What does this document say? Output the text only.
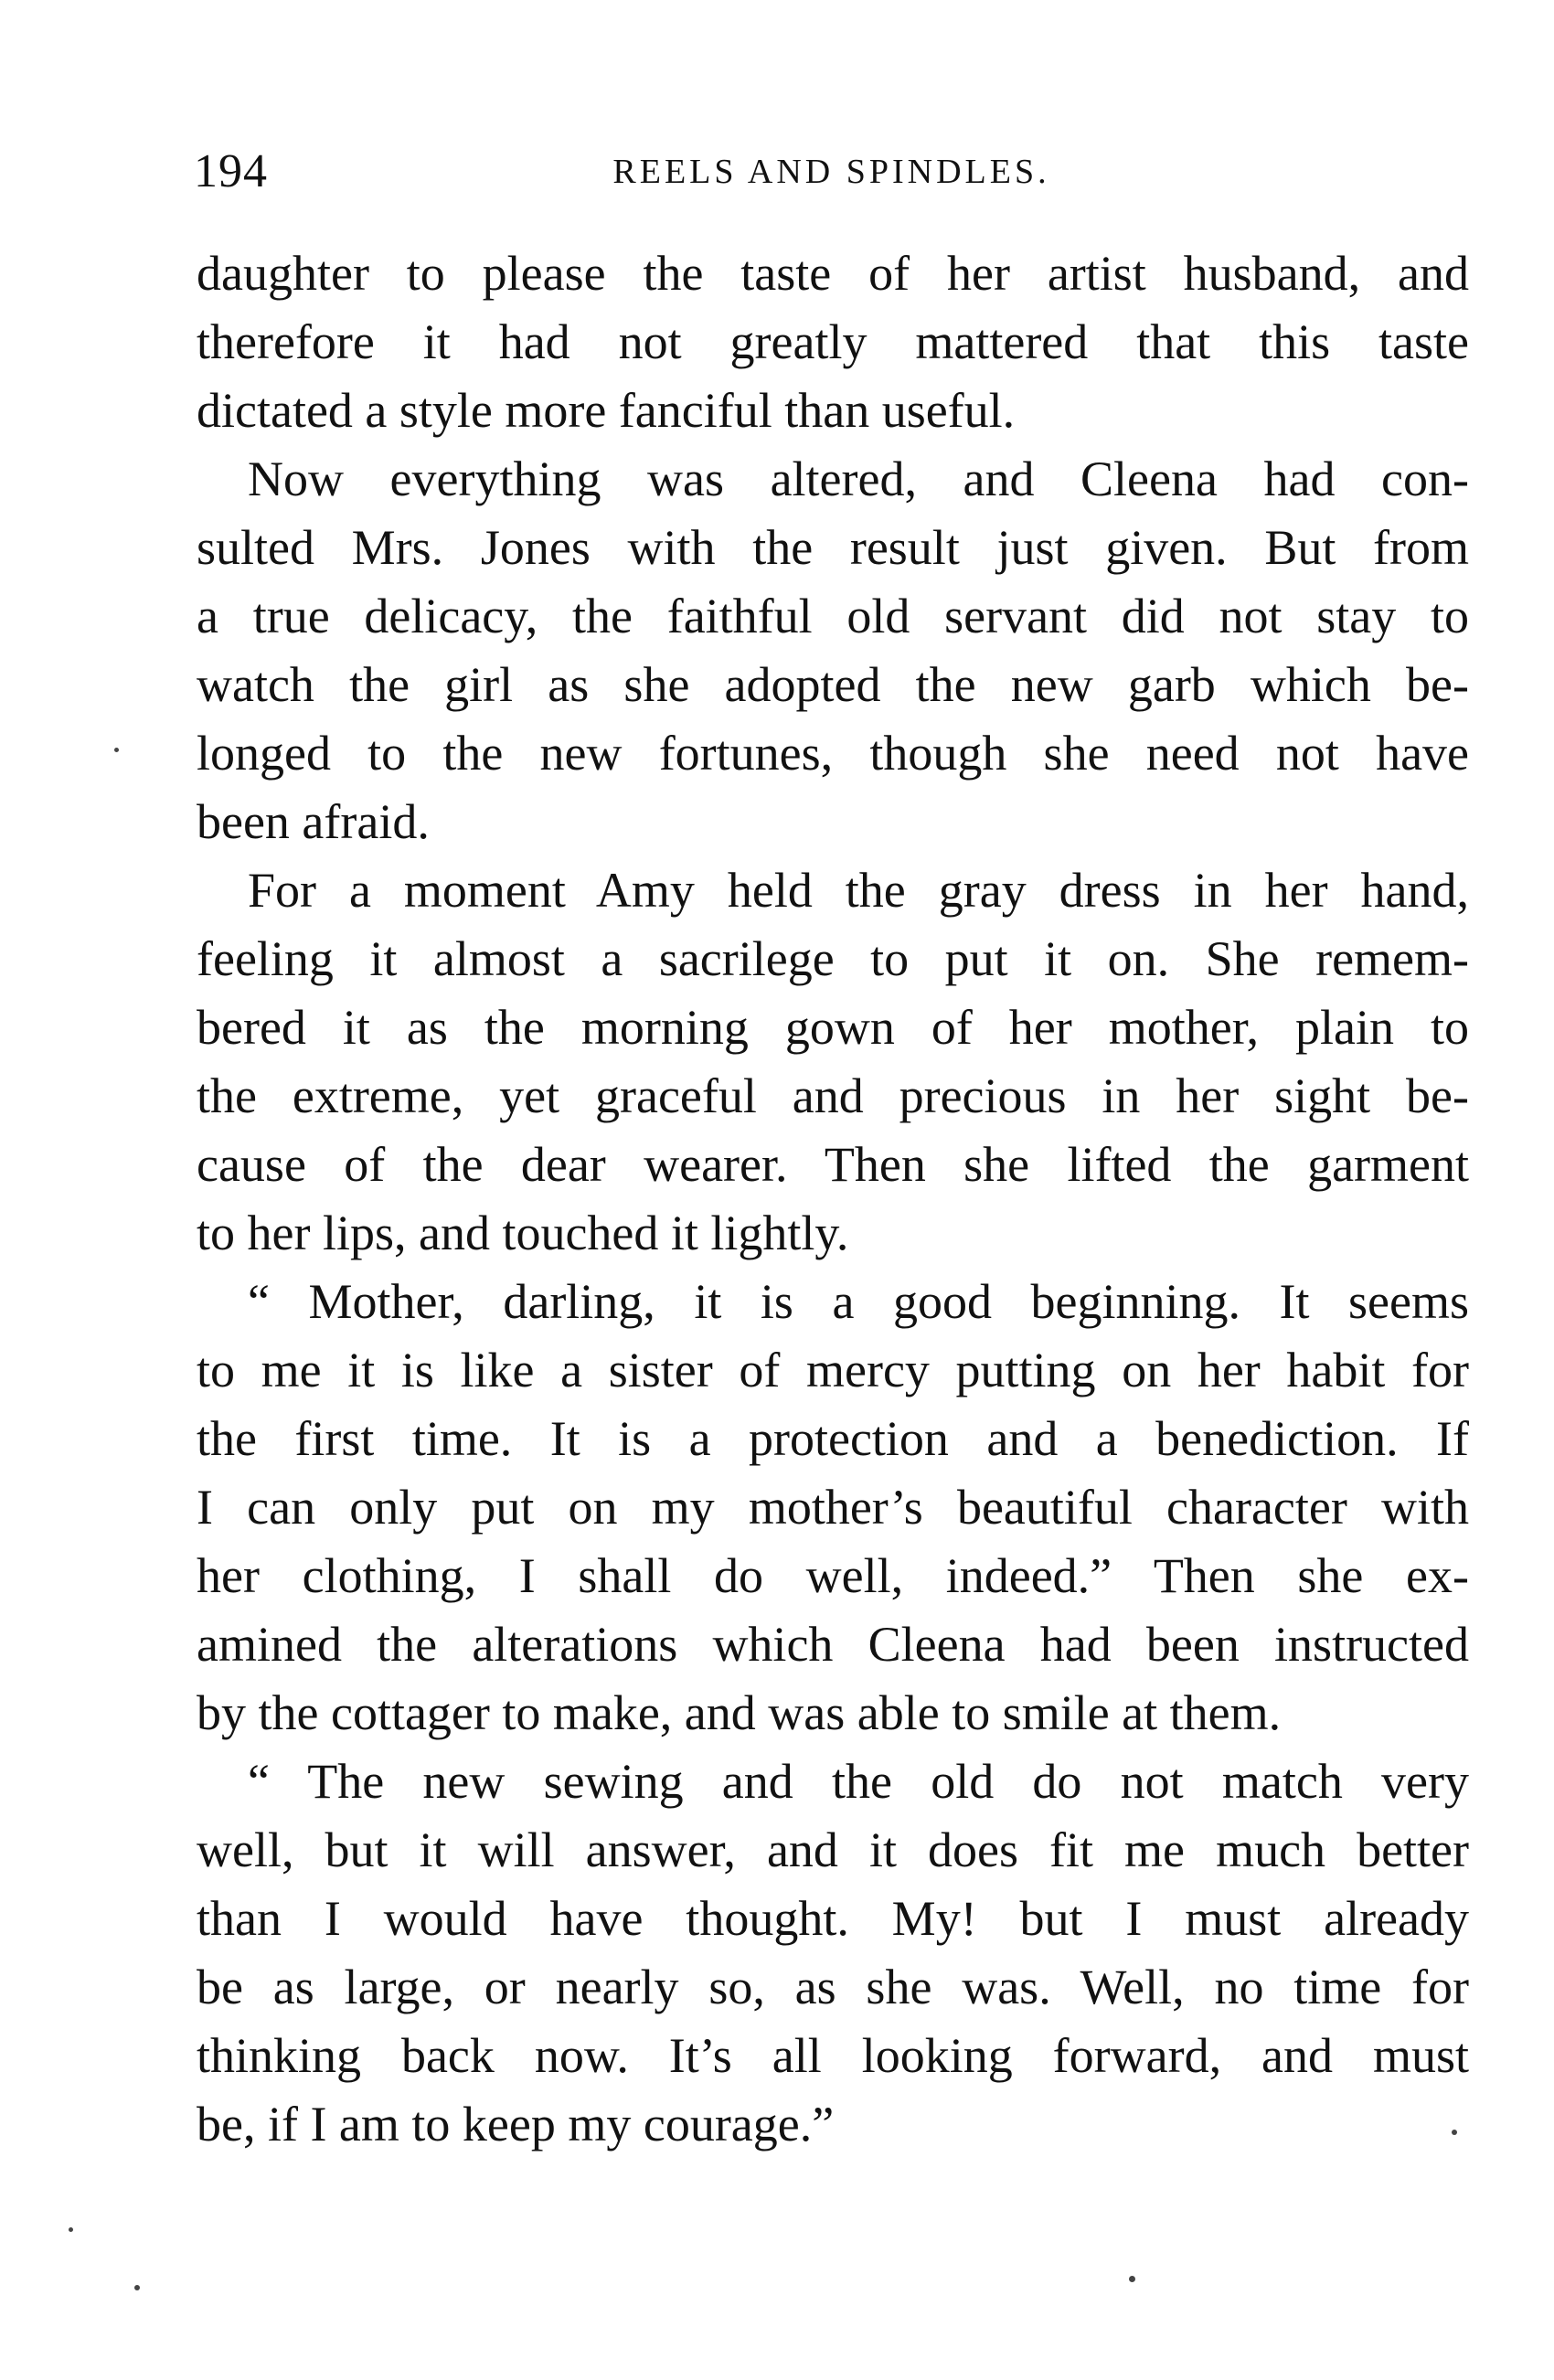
194	REELS AND SPINDLES.

daughter to please the taste of her artist husband, and
therefore it had not greatly mattered that this taste
dictated a style more fanciful than useful.

Now everything was altered, and Cleena had con-
sulted Mrs. Jones with the result just given. But from
a true delicacy, the faithful old servant did not stay to
watch the girl as she adopted the new garb which be-
longed to the new fortunes, though she need not have
been afraid.

For a moment Amy held the gray dress in her hand,
feeling it almost a sacrilege to put it on. She remem-
bered it as the morning gown of her mother, plain to
the extreme, yet graceful and precious in her sight be-
cause of the dear wearer. Then she lifted the garment
to her lips, and touched it lightly.

“ Mother, darling, it is a good beginning. It seems
to me it is like a sister of mercy putting on her habit for
the first time. It is a protection and a benediction. If
I can only put on my mother’s beautiful character with
her clothing, I shall do well, indeed.” Then she ex-
amined the alterations which Cleena had been instructed
by the cottager to make, and was able to smile at them.

“ The new sewing and the old do not match very
well, but it will answer, and it does fit me much better
than I would have thought. My! but I must already
be as large, or nearly so, as she was. Well, no time for
thinking back now. It’s all looking forward, and must
be, if I am to keep my courage.”
